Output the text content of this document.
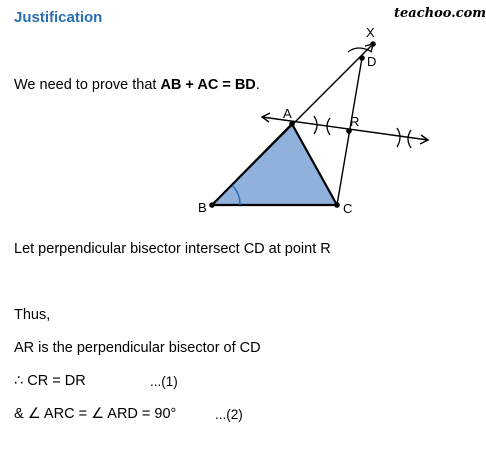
Justification	teachoo.com
We need to prove that AB + AC = BD.
X
D
A
R
B	C
Let perpendicular bisector intersect CD at point R
Thus,
AR is the perpendicular bisector of CD
∴ CR = DR	...(1)
& ∠ ARC = ∠ ARD = 90°	...(2)
